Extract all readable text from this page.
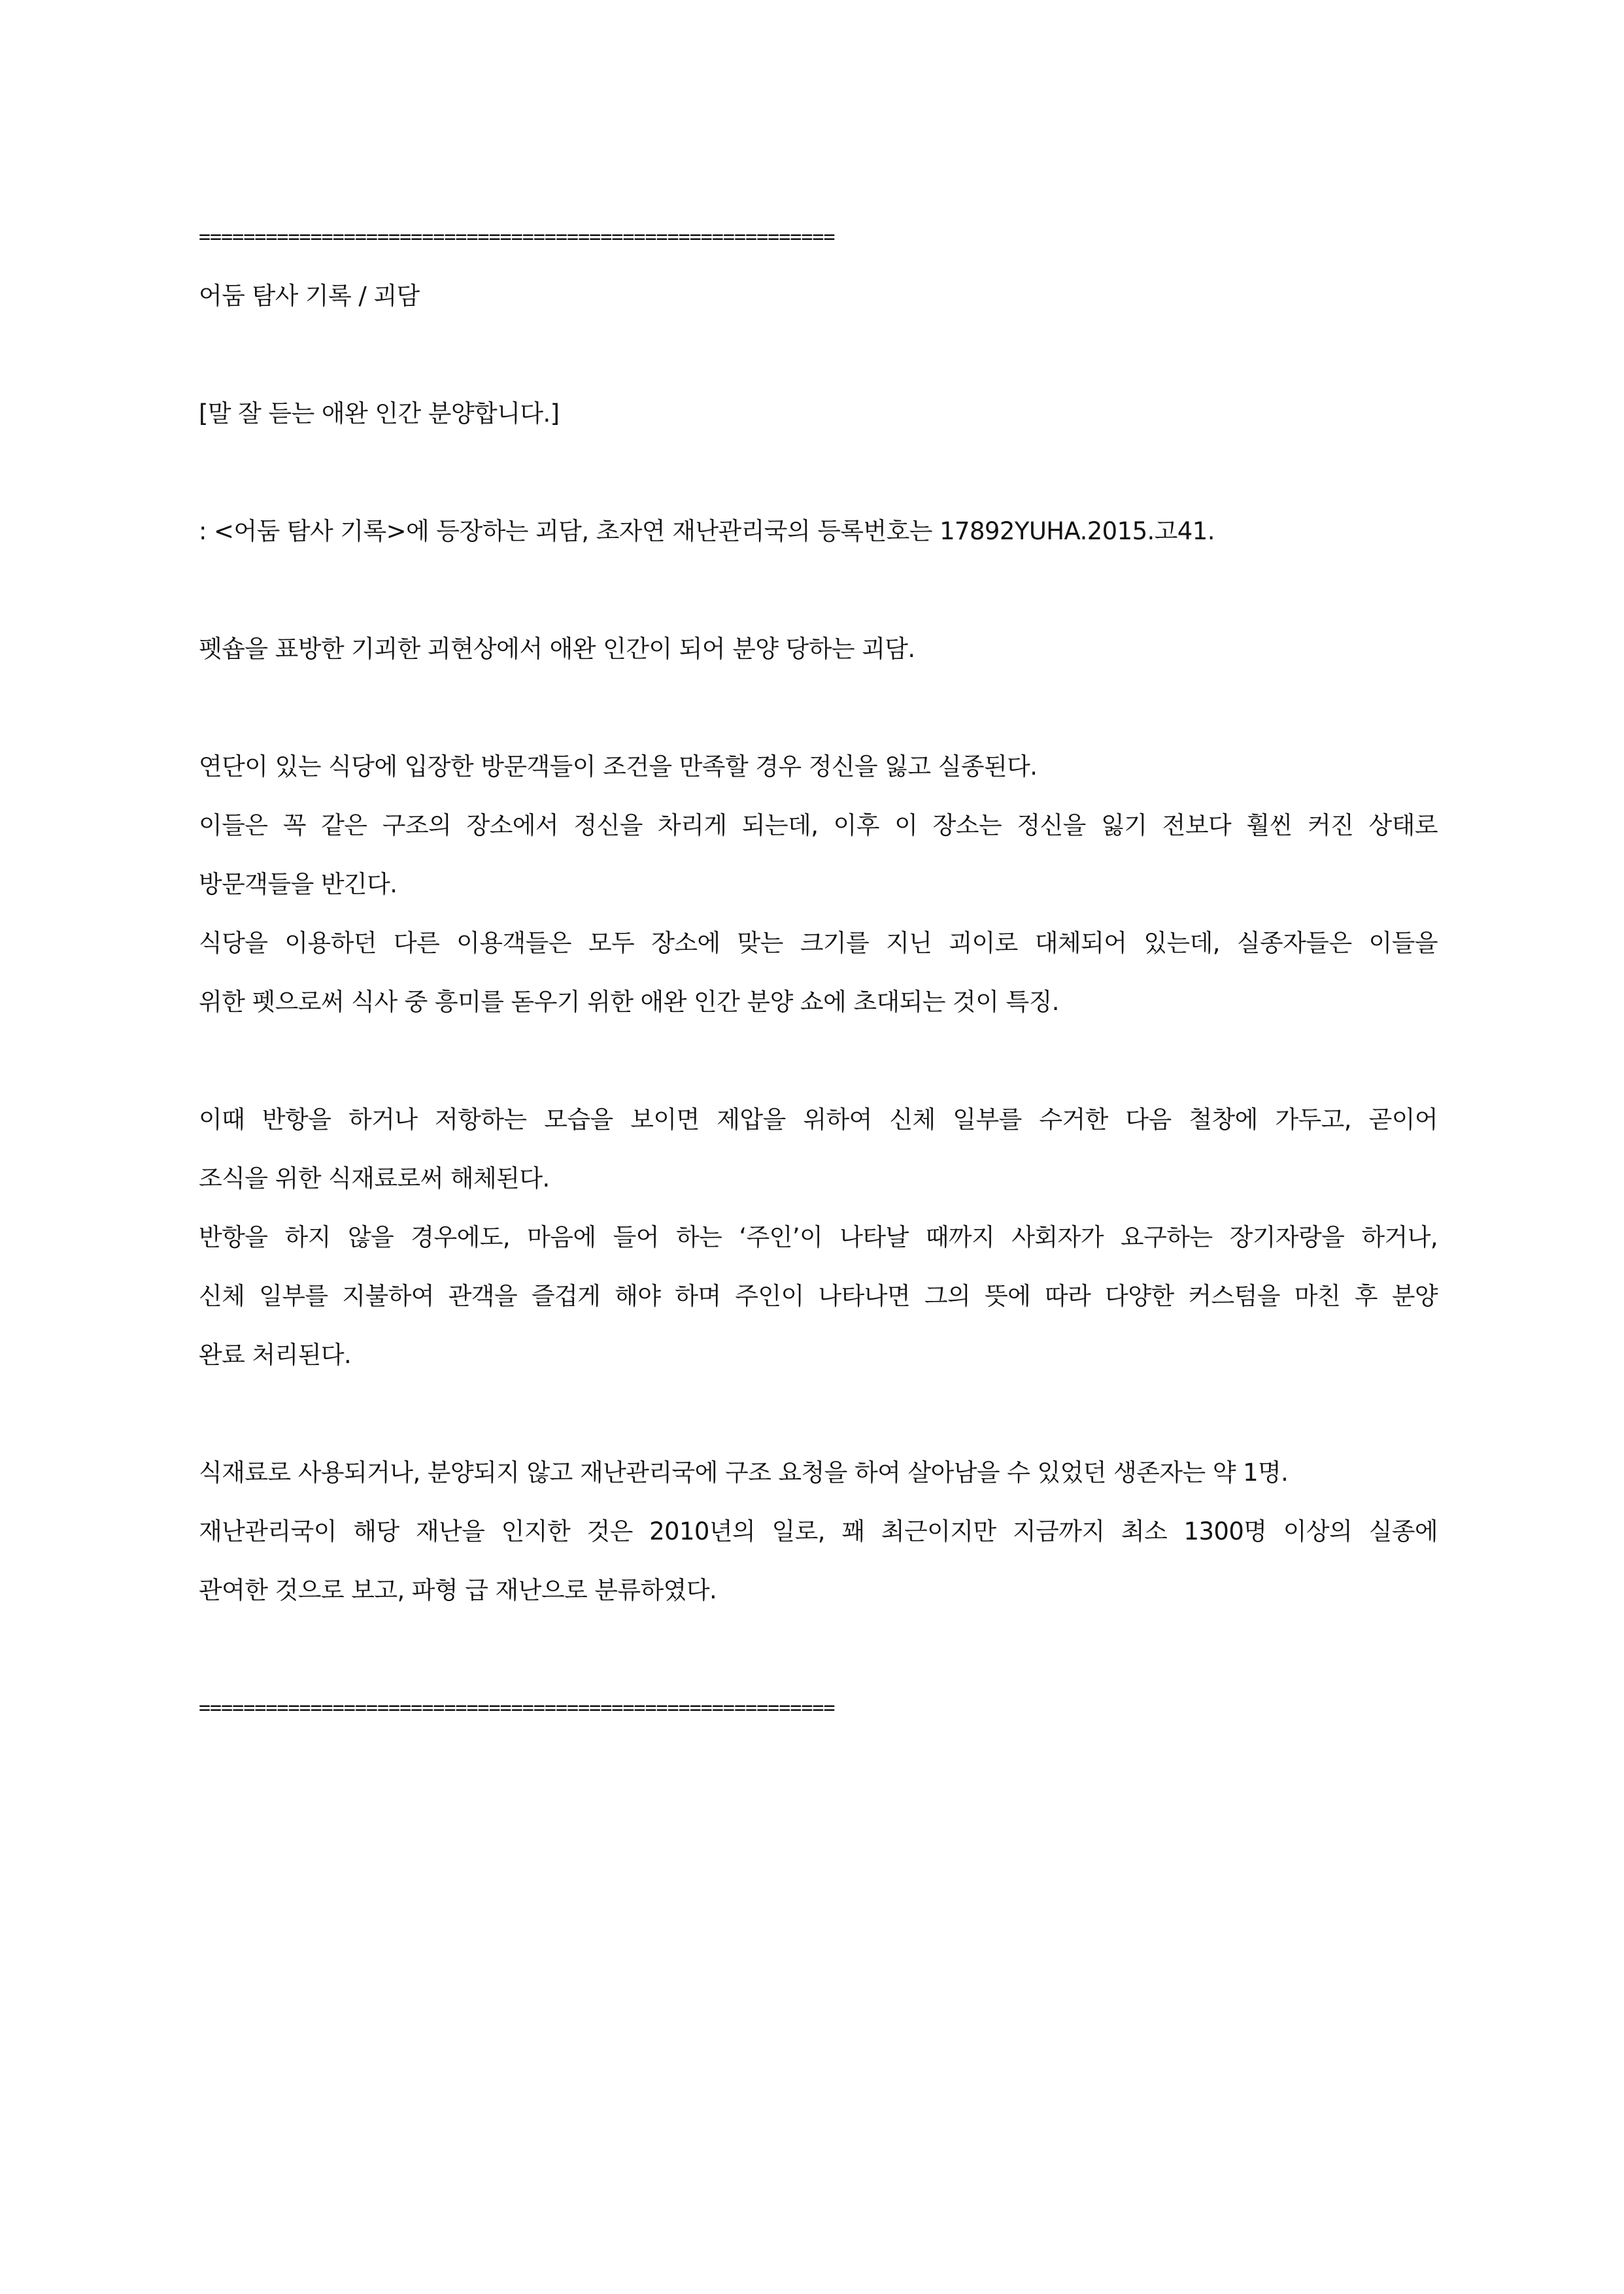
=========================================================
어둠 탐사 기록 / 괴담
[말 잘 듣는 애완 인간 분양합니다.]
: <어둠 탐사 기록>에 등장하는 괴담, 초자연 재난관리국의 등록번호는 17892YUHA.2015.고41.
펫숍을 표방한 기괴한 괴현상에서 애완 인간이 되어 분양 당하는 괴담.
연단이 있는 식당에 입장한 방문객들이 조건을 만족할 경우 정신을 잃고 실종된다.
이들은 꼭 같은 구조의 장소에서 정신을 차리게 되는데, 이후 이 장소는 정신을 잃기 전보다 훨씬 커진 상태로
방문객들을 반긴다.
식당을 이용하던 다른 이용객들은 모두 장소에 맞는 크기를 지닌 괴이로 대체되어 있는데, 실종자들은 이들을
위한 펫으로써 식사 중 흥미를 돋우기 위한 애완 인간 분양 쇼에 초대되는 것이 특징.
이때 반항을 하거나 저항하는 모습을 보이면 제압을 위하여 신체 일부를 수거한 다음 철창에 가두고, 곧이어
조식을 위한 식재료로써 해체된다.
반항을 하지 않을 경우에도, 마음에 들어 하는 ‘주인’이 나타날 때까지 사회자가 요구하는 장기자랑을 하거나,
신체 일부를 지불하여 관객을 즐겁게 해야 하며 주인이 나타나면 그의 뜻에 따라 다양한 커스텀을 마친 후 분양
완료 처리된다.
식재료로 사용되거나, 분양되지 않고 재난관리국에 구조 요청을 하여 살아남을 수 있었던 생존자는 약 1명.
재난관리국이 해당 재난을 인지한 것은 2010년의 일로, 꽤 최근이지만 지금까지 최소 1300명 이상의 실종에
관여한 것으로 보고, 파형 급 재난으로 분류하였다.
=========================================================
